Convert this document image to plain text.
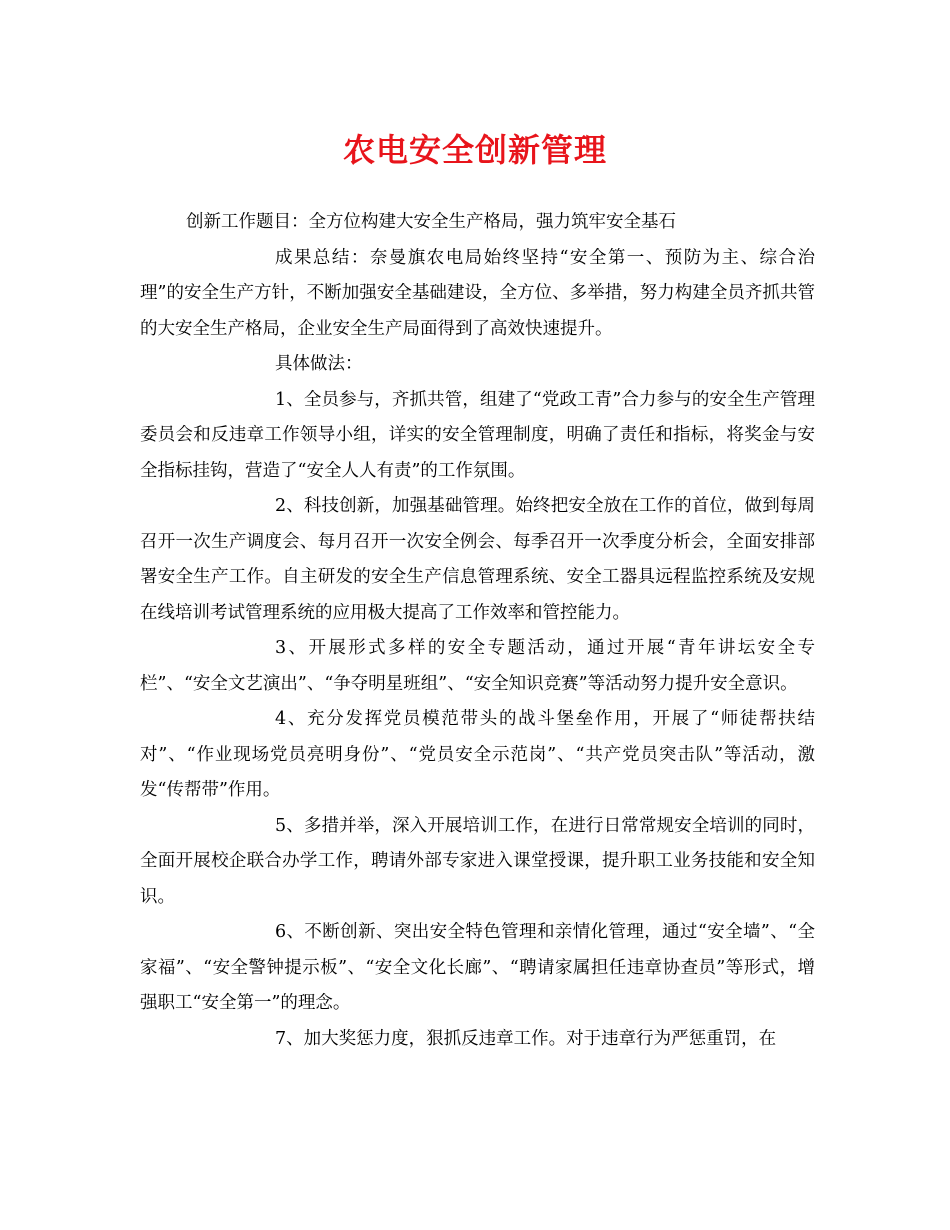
农电安全创新管理

创新工作题目：全方位构建大安全生产格局，强力筑牢安全基石

成果总结：奈曼旗农电局始终坚持“安全第一、预防为主、综合治理”的安全生产方针，不断加强安全基础建设，全方位、多举措，努力构建全员齐抓共管的大安全生产格局，企业安全生产局面得到了高效快速提升。

具体做法：

1、全员参与，齐抓共管，组建了“党政工青”合力参与的安全生产管理委员会和反违章工作领导小组，详实的安全管理制度，明确了责任和指标，将奖金与安全指标挂钩，营造了“安全人人有责”的工作氛围。

2、科技创新，加强基础管理。始终把安全放在工作的首位，做到每周召开一次生产调度会、每月召开一次安全例会、每季召开一次季度分析会，全面安排部署安全生产工作。自主研发的安全生产信息管理系统、安全工器具远程监控系统及安规在线培训考试管理系统的应用极大提高了工作效率和管控能力。

3、开展形式多样的安全专题活动，通过开展“青年讲坛安全专栏”、“安全文艺演出”、“争夺明星班组”、“安全知识竞赛”等活动努力提升安全意识。

4、充分发挥党员模范带头的战斗堡垒作用，开展了“师徒帮扶结对”、“作业现场党员亮明身份”、“党员安全示范岗”、“共产党员突击队”等活动，激发“传帮带”作用。

5、多措并举，深入开展培训工作，在进行日常常规安全培训的同时，全面开展校企联合办学工作，聘请外部专家进入课堂授课，提升职工业务技能和安全知识。

6、不断创新、突出安全特色管理和亲情化管理，通过“安全墙”、“全家福”、“安全警钟提示板”、“安全文化长廊”、“聘请家属担任违章协查员”等形式，增强职工“安全第一”的理念。

7、加大奖惩力度，狠抓反违章工作。对于违章行为严惩重罚，在
